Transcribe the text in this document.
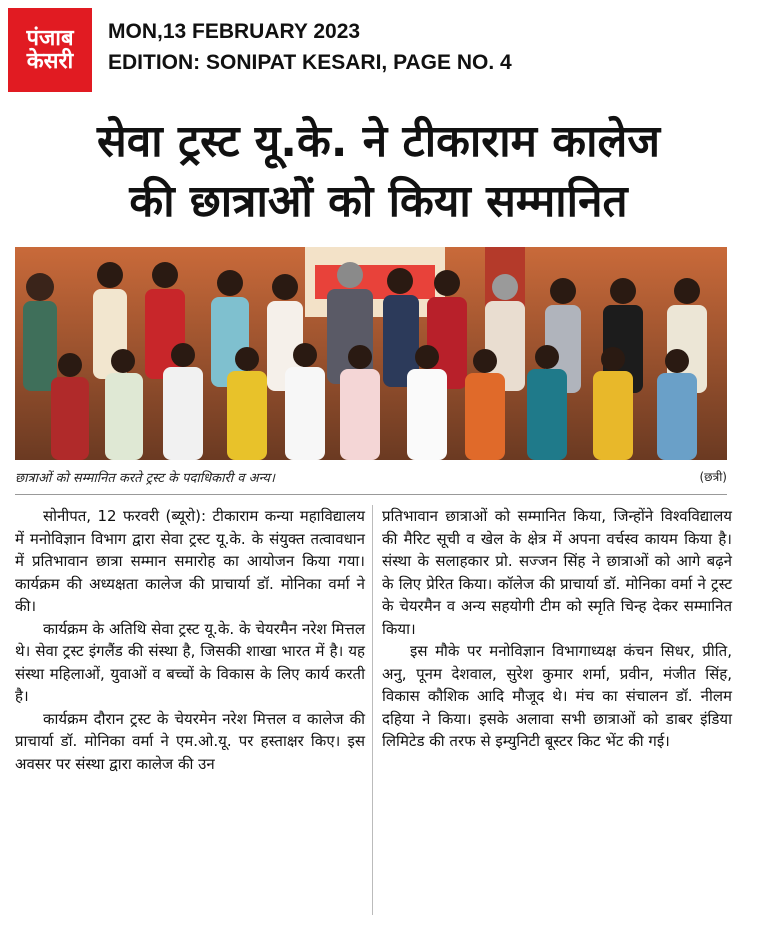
पंजाब
केसरी
MON,13 FEBRUARY 2023
EDITION: SONIPAT KESARI, PAGE NO. 4
सेवा ट्रस्ट यू.के. ने टीकाराम कालेज
की छात्राओं को किया सम्मानित
छात्राओं को सम्मानित करते ट्रस्ट के पदाधिकारी व अन्य।	(छत्री)

सोनीपत, 12 फरवरी (ब्यूरो): टीकाराम कन्या महाविद्यालय में मनोविज्ञान विभाग द्वारा सेवा ट्रस्ट यू.के. के संयुक्त तत्वावधान में प्रतिभावान छात्रा सम्मान समारोह का आयोजन किया गया। कार्यक्रम की अध्यक्षता कालेज की प्राचार्या डॉ. मोनिका वर्मा ने की।

कार्यक्रम के अतिथि सेवा ट्रस्ट यू.के. के चेयरमैन नरेश मित्तल थे। सेवा ट्रस्ट इंगलैंड की संस्था है, जिसकी शाखा भारत में है। यह संस्था महिलाओं, युवाओं व बच्चों के विकास के लिए कार्य करती है।

कार्यक्रम दौरान ट्रस्ट के चेयरमेन नरेश मित्तल व कालेज की प्राचार्या डॉ. मोनिका वर्मा ने एम.ओ.यू. पर हस्ताक्षर किए। इस अवसर पर संस्था द्वारा कालेज की उन

प्रतिभावान छात्राओं को सम्मानित किया, जिन्होंने विश्वविद्यालय की मैरिट सूची व खेल के क्षेत्र में अपना वर्चस्व कायम किया है। संस्था के सलाहकार प्रो. सज्जन सिंह ने छात्राओं को आगे बढ़ने के लिए प्रेरित किया। कॉलेज की प्राचार्या डॉ. मोनिका वर्मा ने ट्रस्ट के चेयरमैन व अन्य सहयोगी टीम को स्मृति चिन्ह देकर सम्मानित किया।

इस मौके पर मनोविज्ञान विभागाध्यक्ष कंचन सिधर, प्रीति, अनु, पूनम देशवाल, सुरेश कुमार शर्मा, प्रवीन, मंजीत सिंह, विकास कौशिक आदि मौजूद थे। मंच का संचालन डॉ. नीलम दहिया ने किया। इसके अलावा सभी छात्राओं को डाबर इंडिया लिमिटेड की तरफ से इम्युनिटी बूस्टर किट भेंट की गई।
